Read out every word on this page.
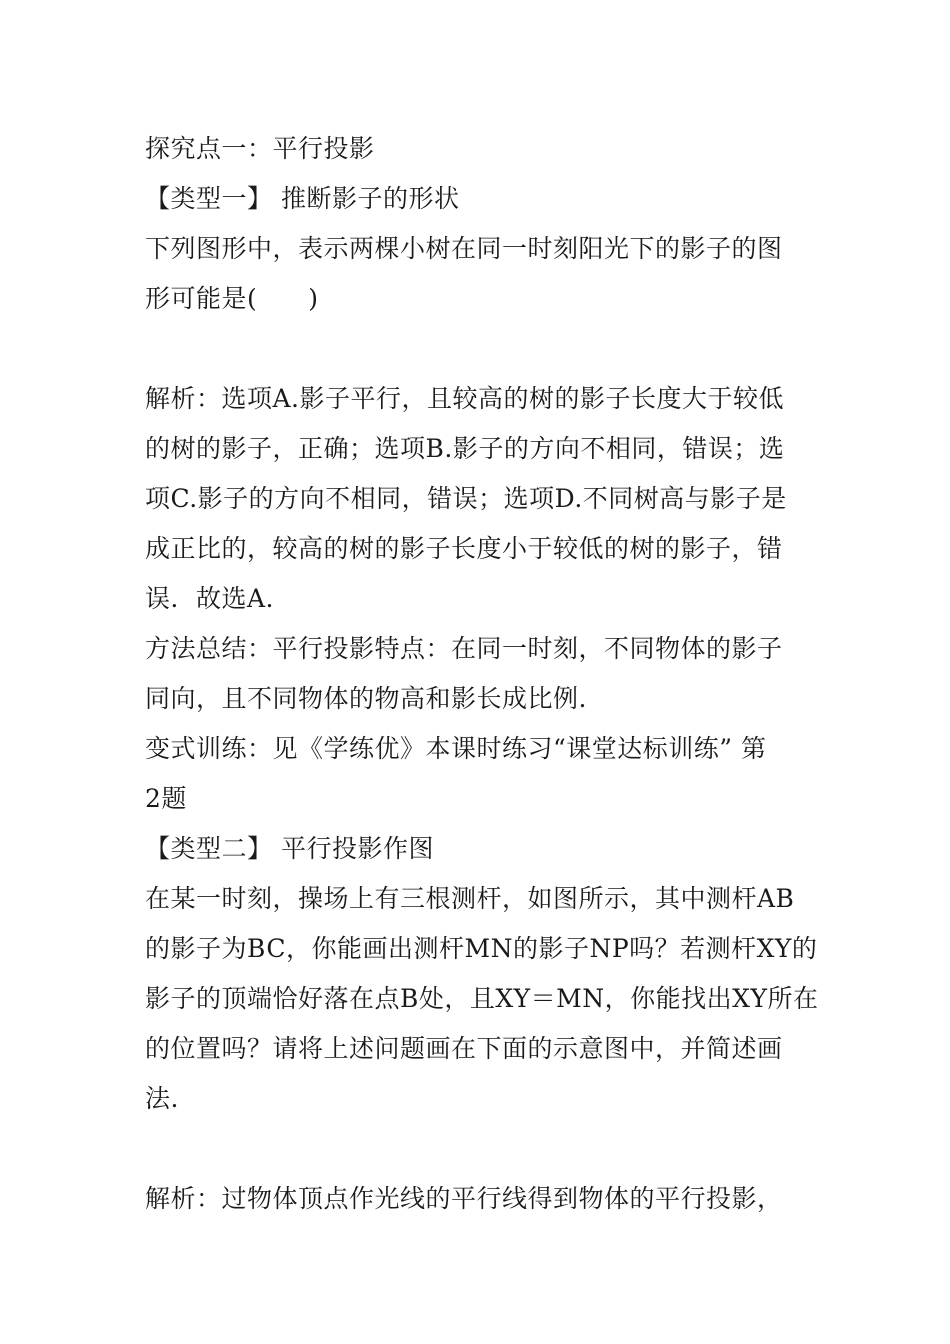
探究点一：平行投影
【类型一】 推断影子的形状
下列图形中，表示两棵小树在同一时刻阳光下的影子的图
形可能是(　　)
解析：选项A.影子平行，且较高的树的影子长度大于较低
的树的影子，正确；选项B.影子的方向不相同，错误；选
项C.影子的方向不相同，错误；选项D.不同树高与影子是
成正比的，较高的树的影子长度小于较低的树的影子，错
误．故选A.
方法总结：平行投影特点：在同一时刻，不同物体的影子
同向，且不同物体的物高和影长成比例.
变式训练：见《学练优》本课时练习“课堂达标训练” 第
2题
【类型二】 平行投影作图
在某一时刻，操场上有三根测杆，如图所示，其中测杆AB
的影子为BC，你能画出测杆MN的影子NP吗？若测杆XY的
影子的顶端恰好落在点B处，且XY＝MN，你能找出XY所在
的位置吗？请将上述问题画在下面的示意图中，并简述画
法.
解析：过物体顶点作光线的平行线得到物体的平行投影，
